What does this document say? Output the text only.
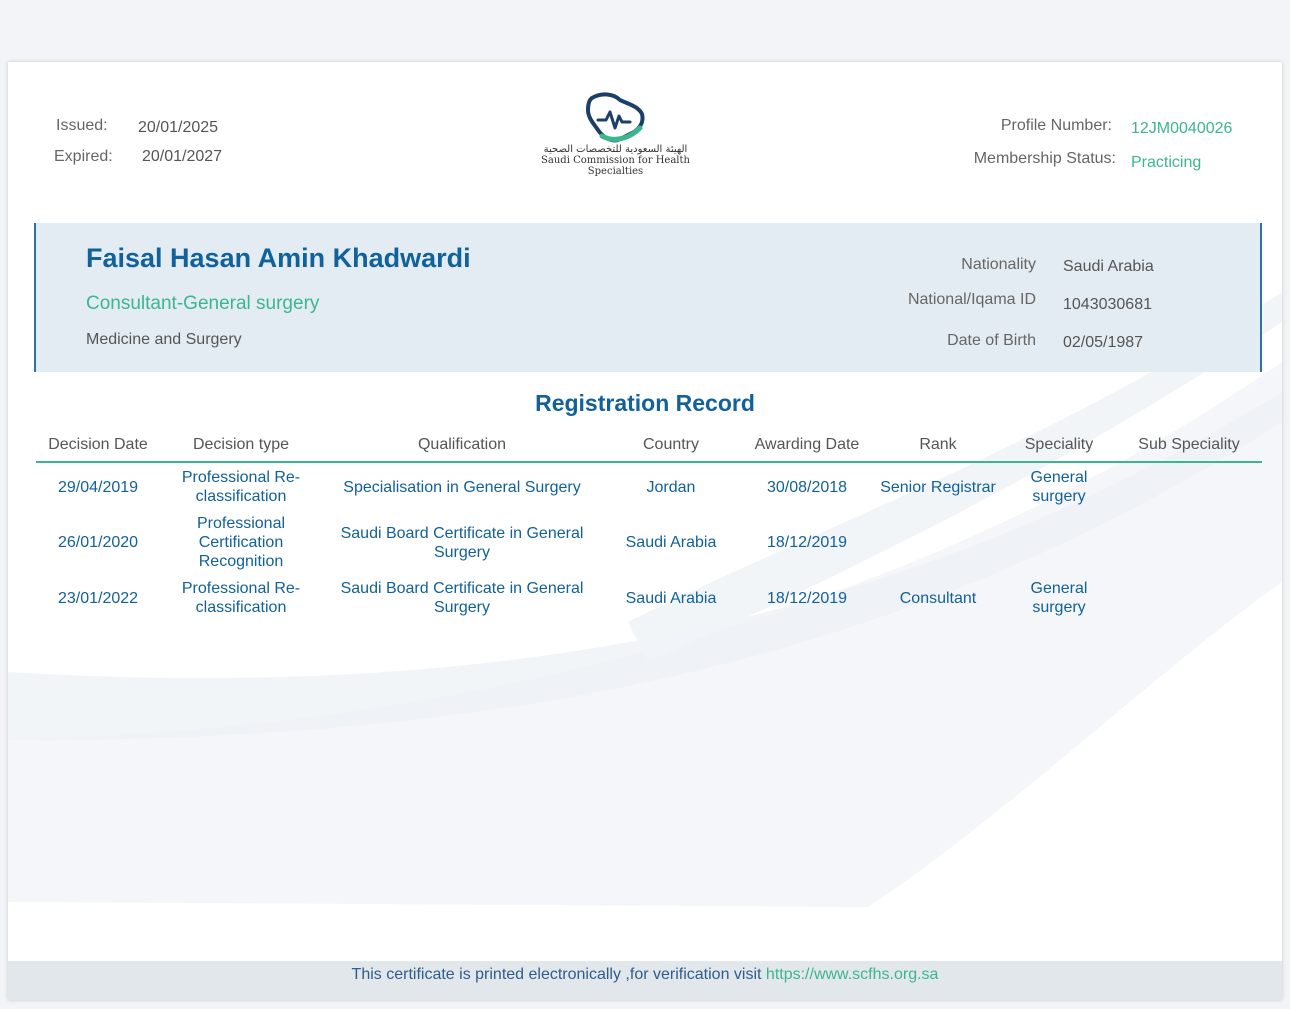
Issued: 20/01/2025
Expired: 20/01/2027	الهيئة السعودية للتخصصات الصحية
Saudi Commission for Health Specialties
Profile Number: 12JM0040026
Membership Status: Practicing
Faisal Hasan Amin Khadwardi
Consultant-General surgery
Medicine and Surgery
Nationality Saudi Arabia
National/Iqama ID 1043030681
Date of Birth 02/05/1987
Registration Record
Decision Date	Decision type	Qualification	Country	Awarding Date	Rank	Speciality	Sub Speciality
29/04/2019	Professional Re-classification	Specialisation in General Surgery	Jordan	30/08/2018	Senior Registrar	General surgery	
26/01/2020	Professional Certification Recognition	Saudi Board Certificate in General Surgery	Saudi Arabia	18/12/2019			
23/01/2022	Professional Re-classification	Saudi Board Certificate in General Surgery	Saudi Arabia	18/12/2019	Consultant	General surgery	
This certificate is printed electronically ,for verification visit https://www.scfhs.org.sa
